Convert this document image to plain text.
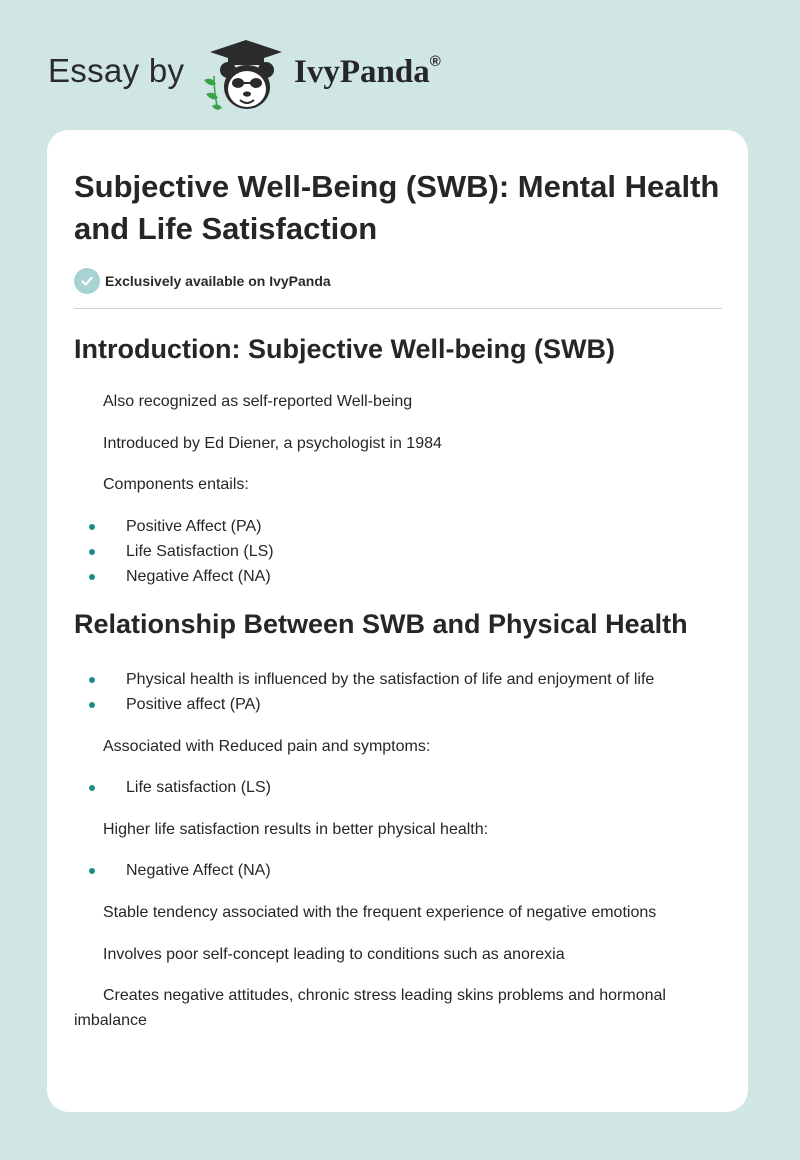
Essay by	IvyPanda®
Subjective Well-Being (SWB): Mental Health and Life Satisfaction
Exclusively available on IvyPanda
Introduction: Subjective Well-being (SWB)

Also recognized as self-reported Well-being

Introduced by Ed Diener, a psychologist in 1984

Components entails:

Positive Affect (PA)
Life Satisfaction (LS)
Negative Affect (NA)
Relationship Between SWB and Physical Health
Physical health is influenced by the satisfaction of life and enjoyment of life
Positive affect (PA)

Associated with Reduced pain and symptoms:

Life satisfaction (LS)

Higher life satisfaction results in better physical health:

Negative Affect (NA)

Stable tendency associated with the frequent experience of negative emotions

Involves poor self-concept leading to conditions such as anorexia

Creates negative attitudes, chronic stress leading skins problems and hormonal imbalance
